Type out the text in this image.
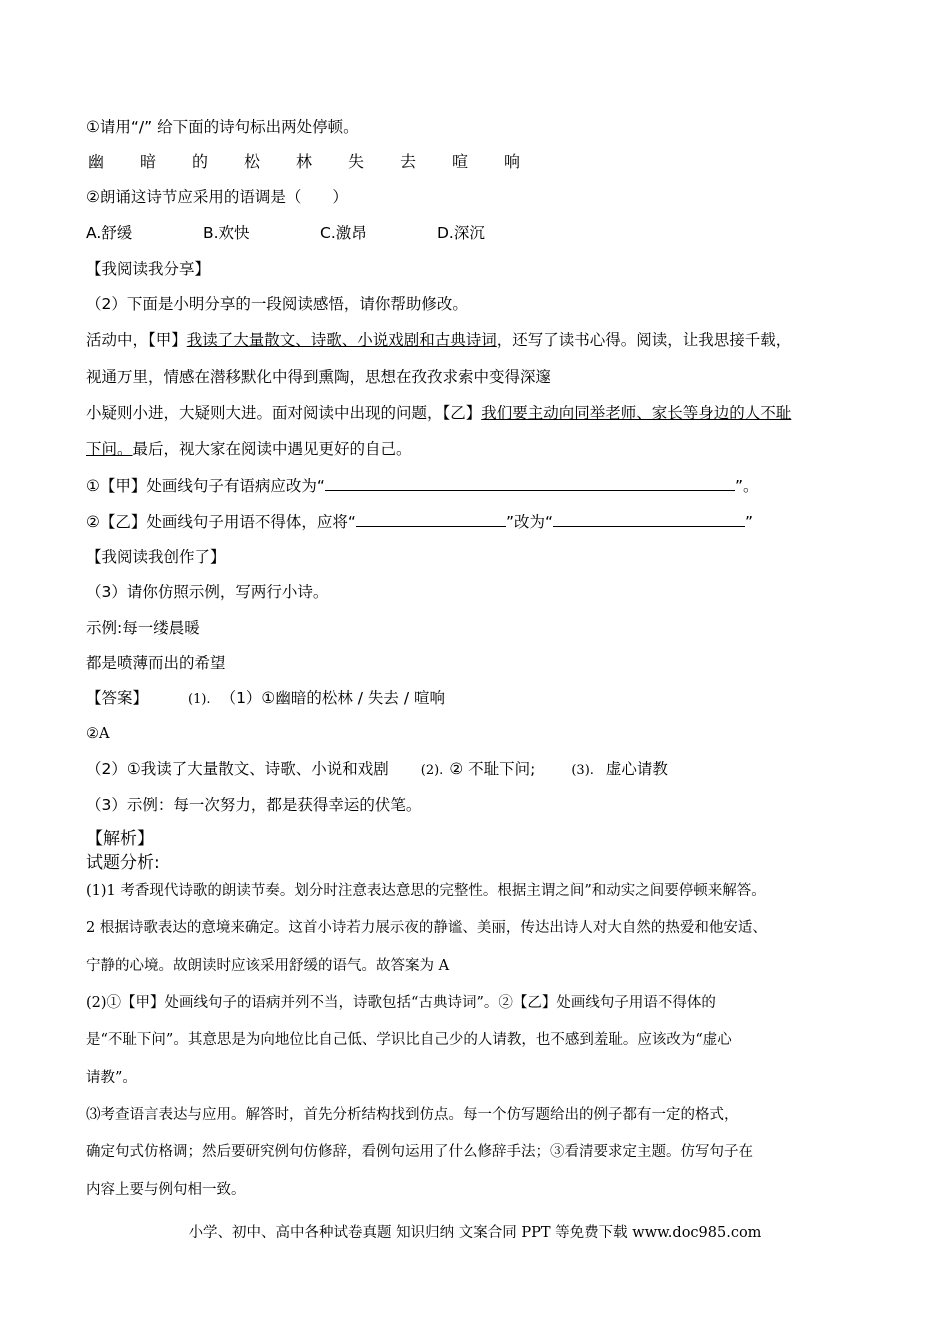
①请用“/” 给下面的诗句标出两处停顿。
幽 暗 的 松 林 失 去 喧 响
②朗诵这诗节应采用的语调是（　　）
A.舒缓	B.欢快	C.激昂	D.深沉
【我阅读我分享】
（2）下面是小明分享的一段阅读感悟，请你帮助修改。
活动中，【甲】我读了大量散文、诗歌、小说戏剧和古典诗词，还写了读书心得。阅读，让我思接千载，
视通万里，情感在潜移默化中得到熏陶，思想在孜孜求索中变得深邃
小疑则小进，大疑则大进。面对阅读中出现的问题，【乙】我们要主动向同举老师、家长等身边的人不耻
下问。最后，视大家在阅读中遇见更好的自己。
①【甲】处画线句子有语病应改为“	”。
②【乙】处画线句子用语不得体，应将“	”改为“	”
【我阅读我创作了】
（3）请你仿照示例，写两行小诗。
示例:每一缕晨暖
都是喷薄而出的希望
【答案】	(1). （1）①幽暗的松林 / 失去 / 喧响
②A
（2）①我读了大量散文、诗歌、小说和戏剧 (2). ② 不耻下问;	(3). 虚心请教
（3）示例：每一次努力，都是获得幸运的伏笔。
【解析】
试题分析:
(1)1 考香现代诗歌的朗读节奏。划分时注意表达意思的完整性。根据主谓之间”和动实之间要停顿来解答。
2 根据诗歌表达的意境来确定。这首小诗若力展示夜的静谧、美丽，传达出诗人对大自然的热爱和他安适、
宁静的心境。故朗读时应该采用舒缓的语气。故答案为 A
(2)①【甲】处画线句子的语病并列不当，诗歌包括“古典诗词”。②【乙】处画线句子用语不得体的
是“不耻下问”。其意思是为向地位比自己低、学识比自己少的人请教，也不感到羞耻。应该改为“虚心
请教”。
⑶考查语言表达与应用。解答时，首先分析结构找到仿点。每一个仿写题给出的例子都有一定的格式，
确定句式仿格调；然后要研究例句仿修辞，看例句运用了什么修辞手法；③看清要求定主题。仿写句子在
内容上要与例句相一致。
小学、初中、高中各种试卷真题 知识归纳 文案合同 PPT 等免费下载 www.doc985.com
